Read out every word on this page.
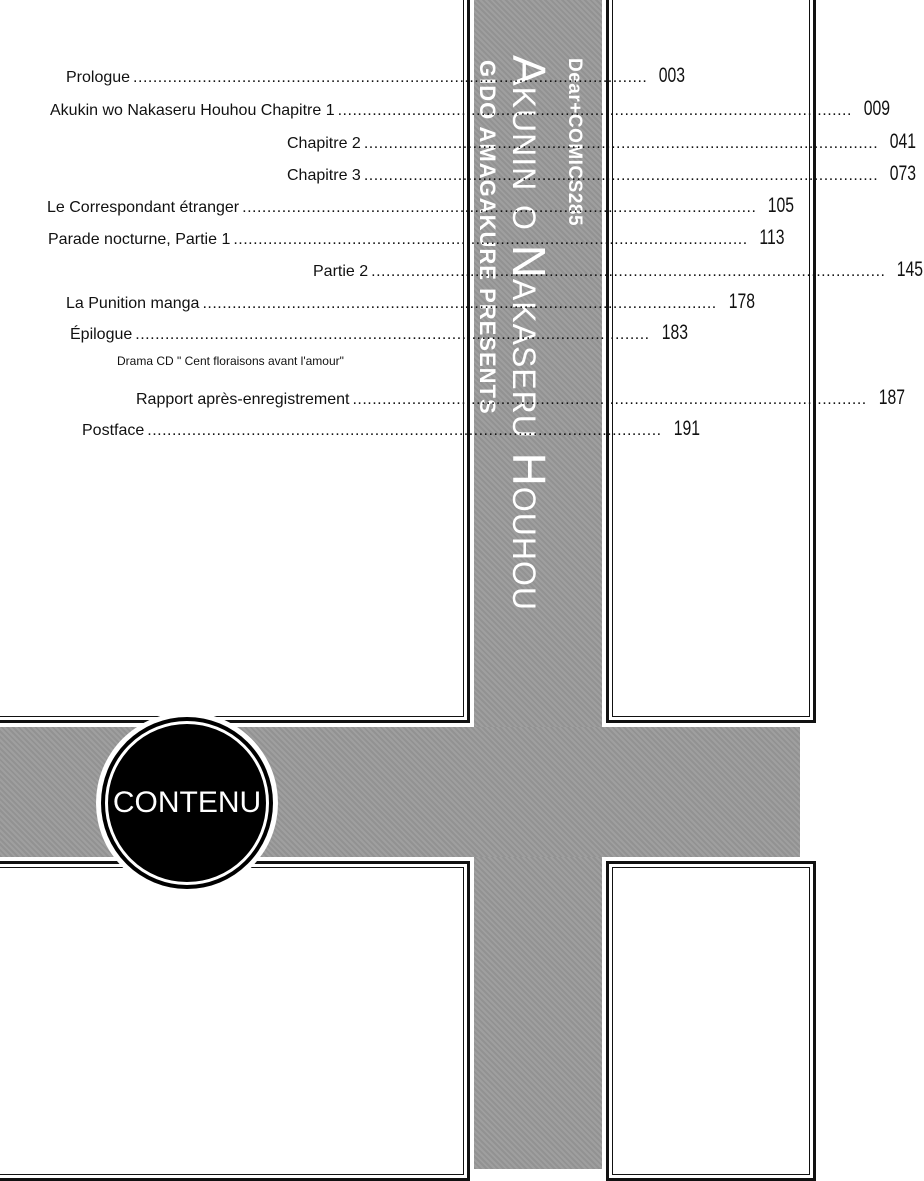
Dear+COMICS285
Akunin o Nakaseru Houhou
GIDO AMAGAKURE PRESENTS
Prologue ........................................................................................................ 003
Akukin wo Nakaseru Houhou Chapitre 1 ........................................................................................................ 009
Chapitre 2 ........................................................................................................ 041
Chapitre 3 ........................................................................................................ 073
Le Correspondant étranger ........................................................................................................ 105
Parade nocturne, Partie 1 ........................................................................................................ 113
Partie 2 ........................................................................................................ 145
La Punition manga ........................................................................................................ 178
Épilogue ........................................................................................................ 183
Drama CD " Cent floraisons avant l'amour"
Rapport après-enregistrement ........................................................................................................ 187
Postface ........................................................................................................ 191
CONTENU
